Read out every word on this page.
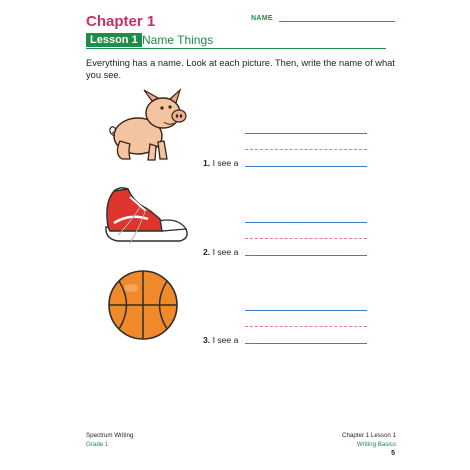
Chapter 1	NAME
Lesson 1 Name Things
Everything has a name. Look at each picture. Then, write the name of what you see.
1. I see a
2. I see a
3. I see a
Spectrum Writing
Grade 1
Chapter 1 Lesson 1
Writing Basics
5
